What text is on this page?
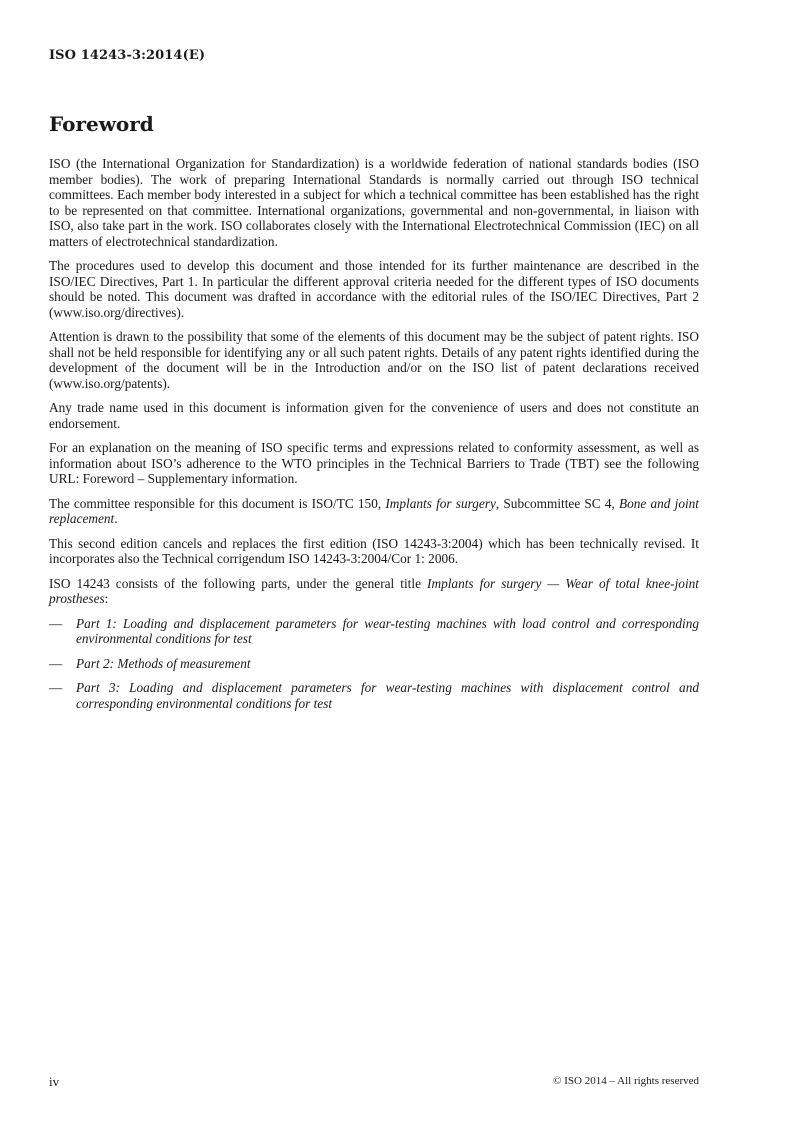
ISO 14243-3:2014(E)
Foreword

ISO (the International Organization for Standardization) is a worldwide federation of national standards bodies (ISO member bodies). The work of preparing International Standards is normally carried out through ISO technical committees. Each member body interested in a subject for which a technical committee has been established has the right to be represented on that committee. International organizations, governmental and non-governmental, in liaison with ISO, also take part in the work. ISO collaborates closely with the International Electrotechnical Commission (IEC) on all matters of electrotechnical standardization.

The procedures used to develop this document and those intended for its further maintenance are described in the ISO/IEC Directives, Part 1. In particular the different approval criteria needed for the different types of ISO documents should be noted. This document was drafted in accordance with the editorial rules of the ISO/IEC Directives, Part 2 (www.iso.org/directives).

Attention is drawn to the possibility that some of the elements of this document may be the subject of patent rights. ISO shall not be held responsible for identifying any or all such patent rights. Details of any patent rights identified during the development of the document will be in the Introduction and/or on the ISO list of patent declarations received (www.iso.org/patents).

Any trade name used in this document is information given for the convenience of users and does not constitute an endorsement.

For an explanation on the meaning of ISO specific terms and expressions related to conformity assessment, as well as information about ISO’s adherence to the WTO principles in the Technical Barriers to Trade (TBT) see the following URL: Foreword – Supplementary information.

The committee responsible for this document is ISO/TC 150, Implants for surgery, Subcommittee SC 4, Bone and joint replacement.

This second edition cancels and replaces the first edition (ISO 14243-3:2004) which has been technically revised. It incorporates also the Technical corrigendum ISO 14243-3:2004/Cor 1: 2006.

ISO 14243 consists of the following parts, under the general title Implants for surgery — Wear of total knee-joint prostheses:

—	Part 1: Loading and displacement parameters for wear-testing machines with load control and corresponding environmental conditions for test
—	Part 2: Methods of measurement
—	Part 3: Loading and displacement parameters for wear-testing machines with displacement control and corresponding environmental conditions for test
iv	© ISO 2014 – All rights reserved
